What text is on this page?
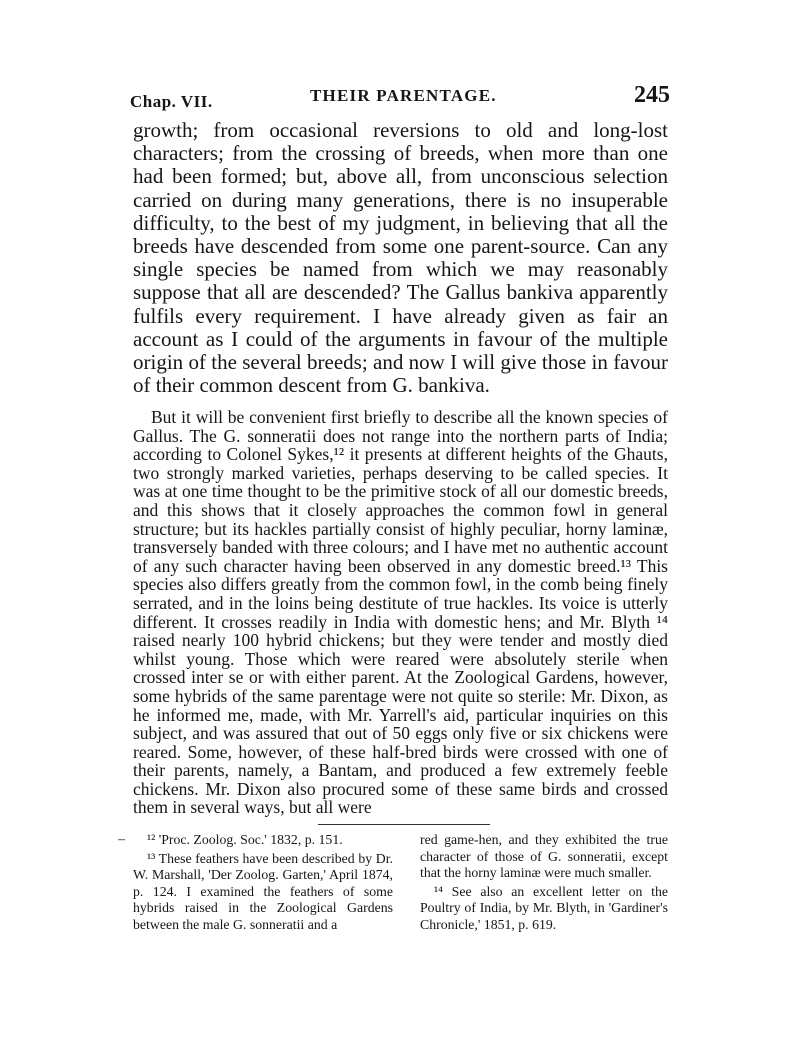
Chap. VII.	THEIR PARENTAGE.	245

growth; from occasional reversions to old and long-lost characters; from the crossing of breeds, when more than one had been formed; but, above all, from unconscious selection carried on during many generations, there is no insuperable difficulty, to the best of my judgment, in believing that all the breeds have descended from some one parent-source. Can any single species be named from which we may reasonably suppose that all are descended? The Gallus bankiva apparently fulfils every requirement. I have already given as fair an account as I could of the arguments in favour of the multiple origin of the several breeds; and now I will give those in favour of their common descent from G. bankiva.

But it will be convenient first briefly to describe all the known species of Gallus. The G. sonneratii does not range into the northern parts of India; according to Colonel Sykes,¹² it presents at different heights of the Ghauts, two strongly marked varieties, perhaps deserving to be called species. It was at one time thought to be the primitive stock of all our domestic breeds, and this shows that it closely approaches the common fowl in general structure; but its hackles partially consist of highly peculiar, horny laminæ, transversely banded with three colours; and I have met no authentic account of any such character having been observed in any domestic breed.¹³ This species also differs greatly from the common fowl, in the comb being finely serrated, and in the loins being destitute of true hackles. Its voice is utterly different. It crosses readily in India with domestic hens; and Mr. Blyth ¹⁴ raised nearly 100 hybrid chickens; but they were tender and mostly died whilst young. Those which were reared were absolutely sterile when crossed inter se or with either parent. At the Zoological Gardens, however, some hybrids of the same parentage were not quite so sterile: Mr. Dixon, as he informed me, made, with Mr. Yarrell's aid, particular inquiries on this subject, and was assured that out of 50 eggs only five or six chickens were reared. Some, however, of these half-bred birds were crossed with one of their parents, namely, a Bantam, and produced a few extremely feeble chickens. Mr. Dixon also procured some of these same birds and crossed them in several ways, but all were

–	¹² 'Proc. Zoolog. Soc.' 1832, p. 151.

¹³ These feathers have been described by Dr. W. Marshall, 'Der Zoolog. Garten,' April 1874, p. 124. I examined the feathers of some hybrids raised in the Zoological Gardens between the male G. sonneratii and a

red game-hen, and they exhibited the true character of those of G. sonneratii, except that the horny laminæ were much smaller.

¹⁴ See also an excellent letter on the Poultry of India, by Mr. Blyth, in 'Gardiner's Chronicle,' 1851, p. 619.
